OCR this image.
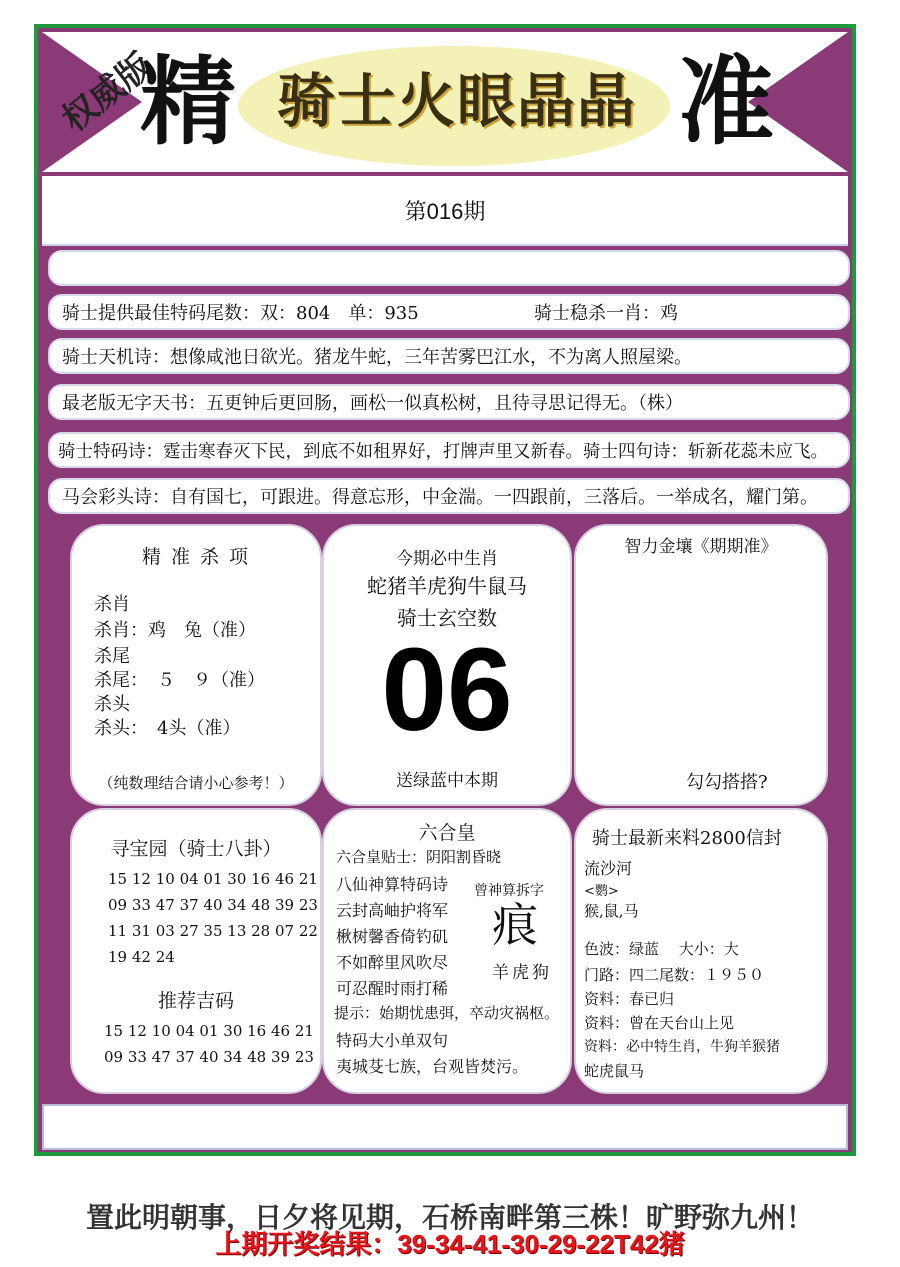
权威版
精 骑士火眼晶晶 准
第016期
骑士提供最佳特码尾数：双：804　单：935	骑士稳杀一肖：鸡
骑士天机诗：想像咸池日欲光。猪龙牛蛇，三年苦雾巴江水，不为离人照屋梁。
最老版无字天书：五更钟后更回肠，画松一似真松树，且待寻思记得无。（株）
骑士特码诗：霆击寒春灭下民，到底不如租界好，打牌声里又新春。骑士四句诗：斩新花蕊未应飞。
马会彩头诗：自有国七，可跟进。得意忘形，中金湍。一四跟前，三落后。一举成名，耀门第。
精 准 杀 项
杀肖
杀肖：鸡　兔（准）
杀尾
杀尾：　５　９（准）
杀头
杀头：　4头（准）
（纯数理结合请小心参考！）
今期必中生肖
蛇猪羊虎狗牛鼠马
骑士玄空数
06
送绿蓝中本期
智力金壤《期期准》
勾勾搭搭?
寻宝园（骑士八卦）
15 12 10 04 01 30 16 46 21
09 33 47 37 40 34 48 39 23
11 31 03 27 35 13 28 07 22
19 42 24
推荐吉码
15 12 10 04 01 30 16 46 21
09 33 47 37 40 34 48 39 23
六合皇
六合皇贴士：阴阳割昏晓
八仙神算特码诗
云封高岫护将军
楸树馨香倚钓矶
不如醉里风吹尽
可忍醒时雨打稀
曾神算拆字
痕
羊虎狗
提示：始期忧患弭，卒动灾祸枢。
特码大小单双句
夷城芟七族，台观皆焚污。
骑士最新来料2800信封
流沙河
<鹦>
猴,鼠,马
色波：绿蓝　 大小：大
门路：四二尾数：１９５０
资料：春已归
资料：曾在天台山上见
资料：必中特生肖，牛狗羊猴猪
蛇虎鼠马
置此明朝事，日夕将见期，石桥南畔第三株！旷野弥九州！
上期开奖结果：39-34-41-30-29-22T42猪
